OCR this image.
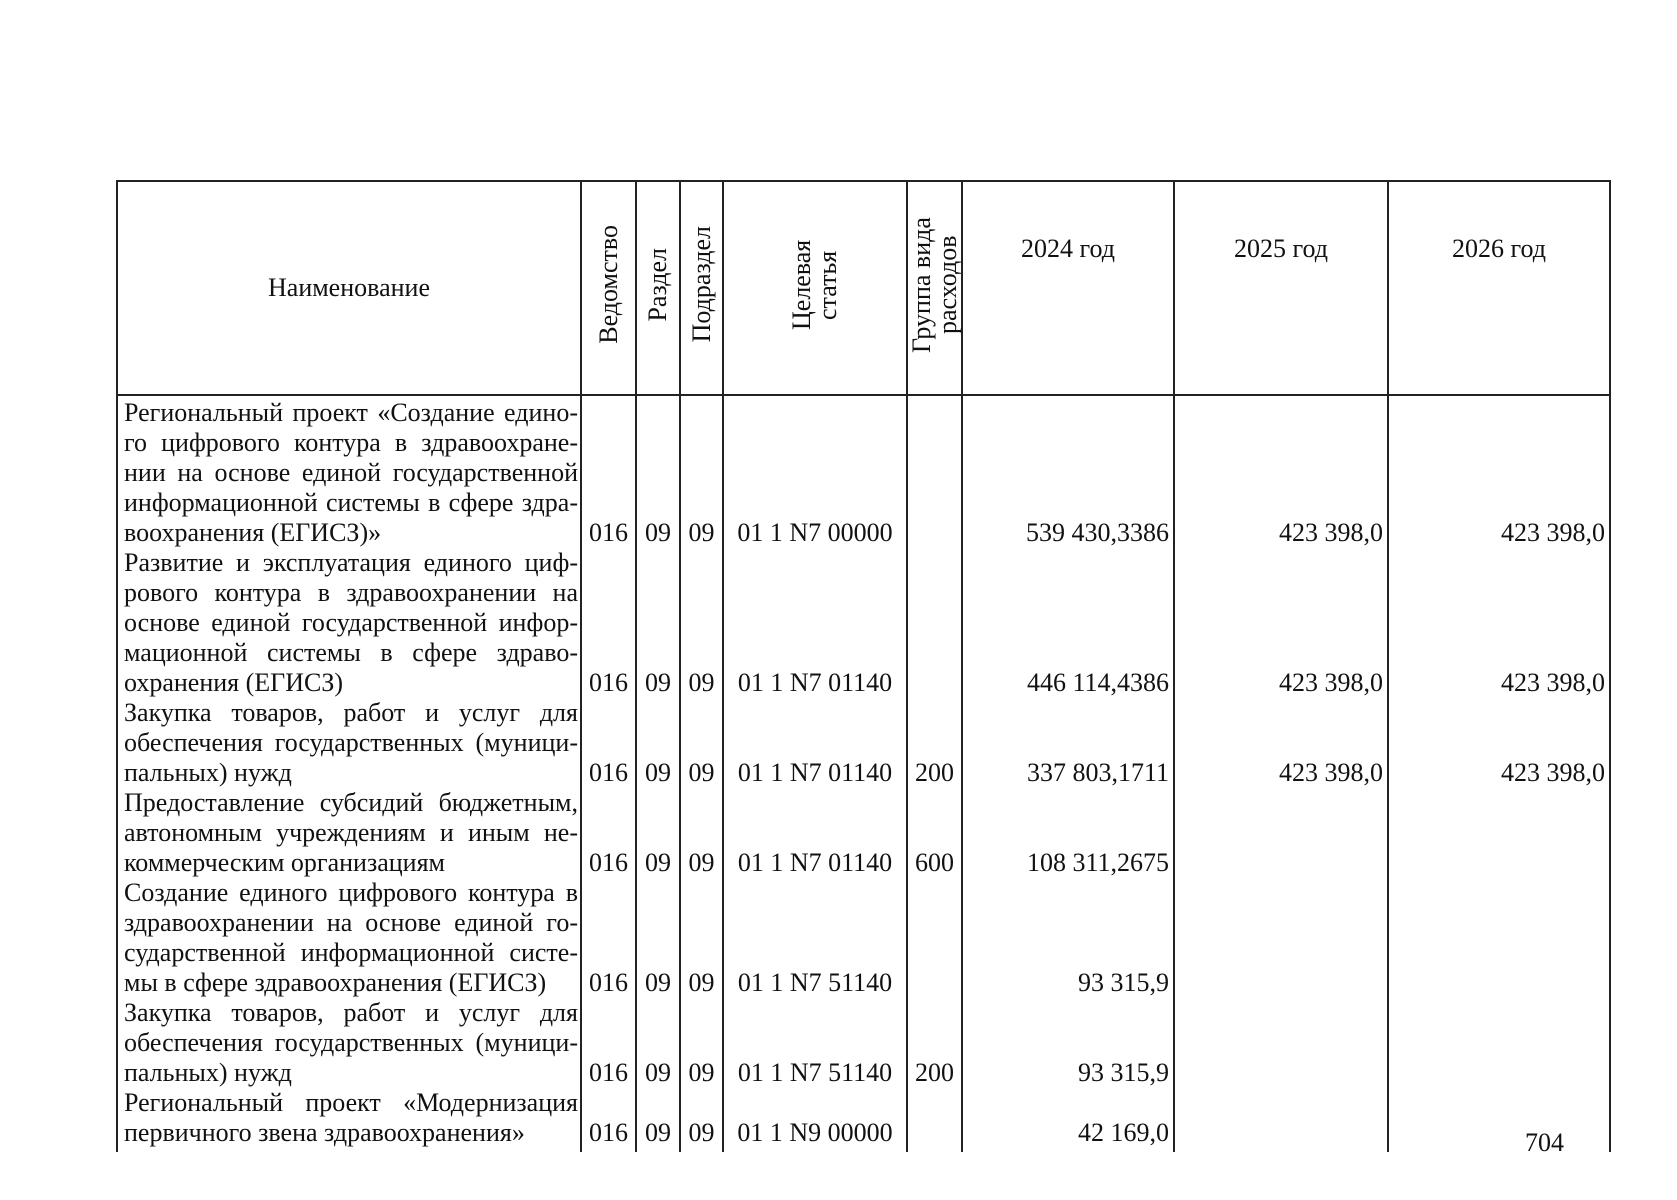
Наименование	Ведомство	Раздел	Подраздел	Целевая статья	Группа вида расходов	2024 год	2025 год	2026 год
Региональный проект «Создание единого цифрового контура в здравоохранении на основе единой государственной информационной системы в сфере здравоохранения (ЕГИСЗ)»	016	09	09	01 1 N7 00000		539 430,3386	423 398,0	423 398,0
Развитие и эксплуатация единого цифрового контура в здравоохранении на основе единой государственной информационной системы в сфере здравоохранения (ЕГИСЗ)	016	09	09	01 1 N7 01140		446 114,4386	423 398,0	423 398,0
Закупка товаров, работ и услуг для обеспечения государственных (муниципальных) нужд	016	09	09	01 1 N7 01140	200	337 803,1711	423 398,0	423 398,0
Предоставление субсидий бюджетным, автономным учреждениям и иным некоммерческим организациям	016	09	09	01 1 N7 01140	600	108 311,2675		
Создание единого цифрового контура в здравоохранении на основе единой государственной информационной системы в сфере здравоохранения (ЕГИСЗ)	016	09	09	01 1 N7 51140		93 315,9		
Закупка товаров, работ и услуг для обеспечения государственных (муниципальных) нужд	016	09	09	01 1 N7 51140	200	93 315,9		
Региональный проект «Модернизация первичного звена здравоохранения»	016	09	09	01 1 N9 00000		42 169,0			704
